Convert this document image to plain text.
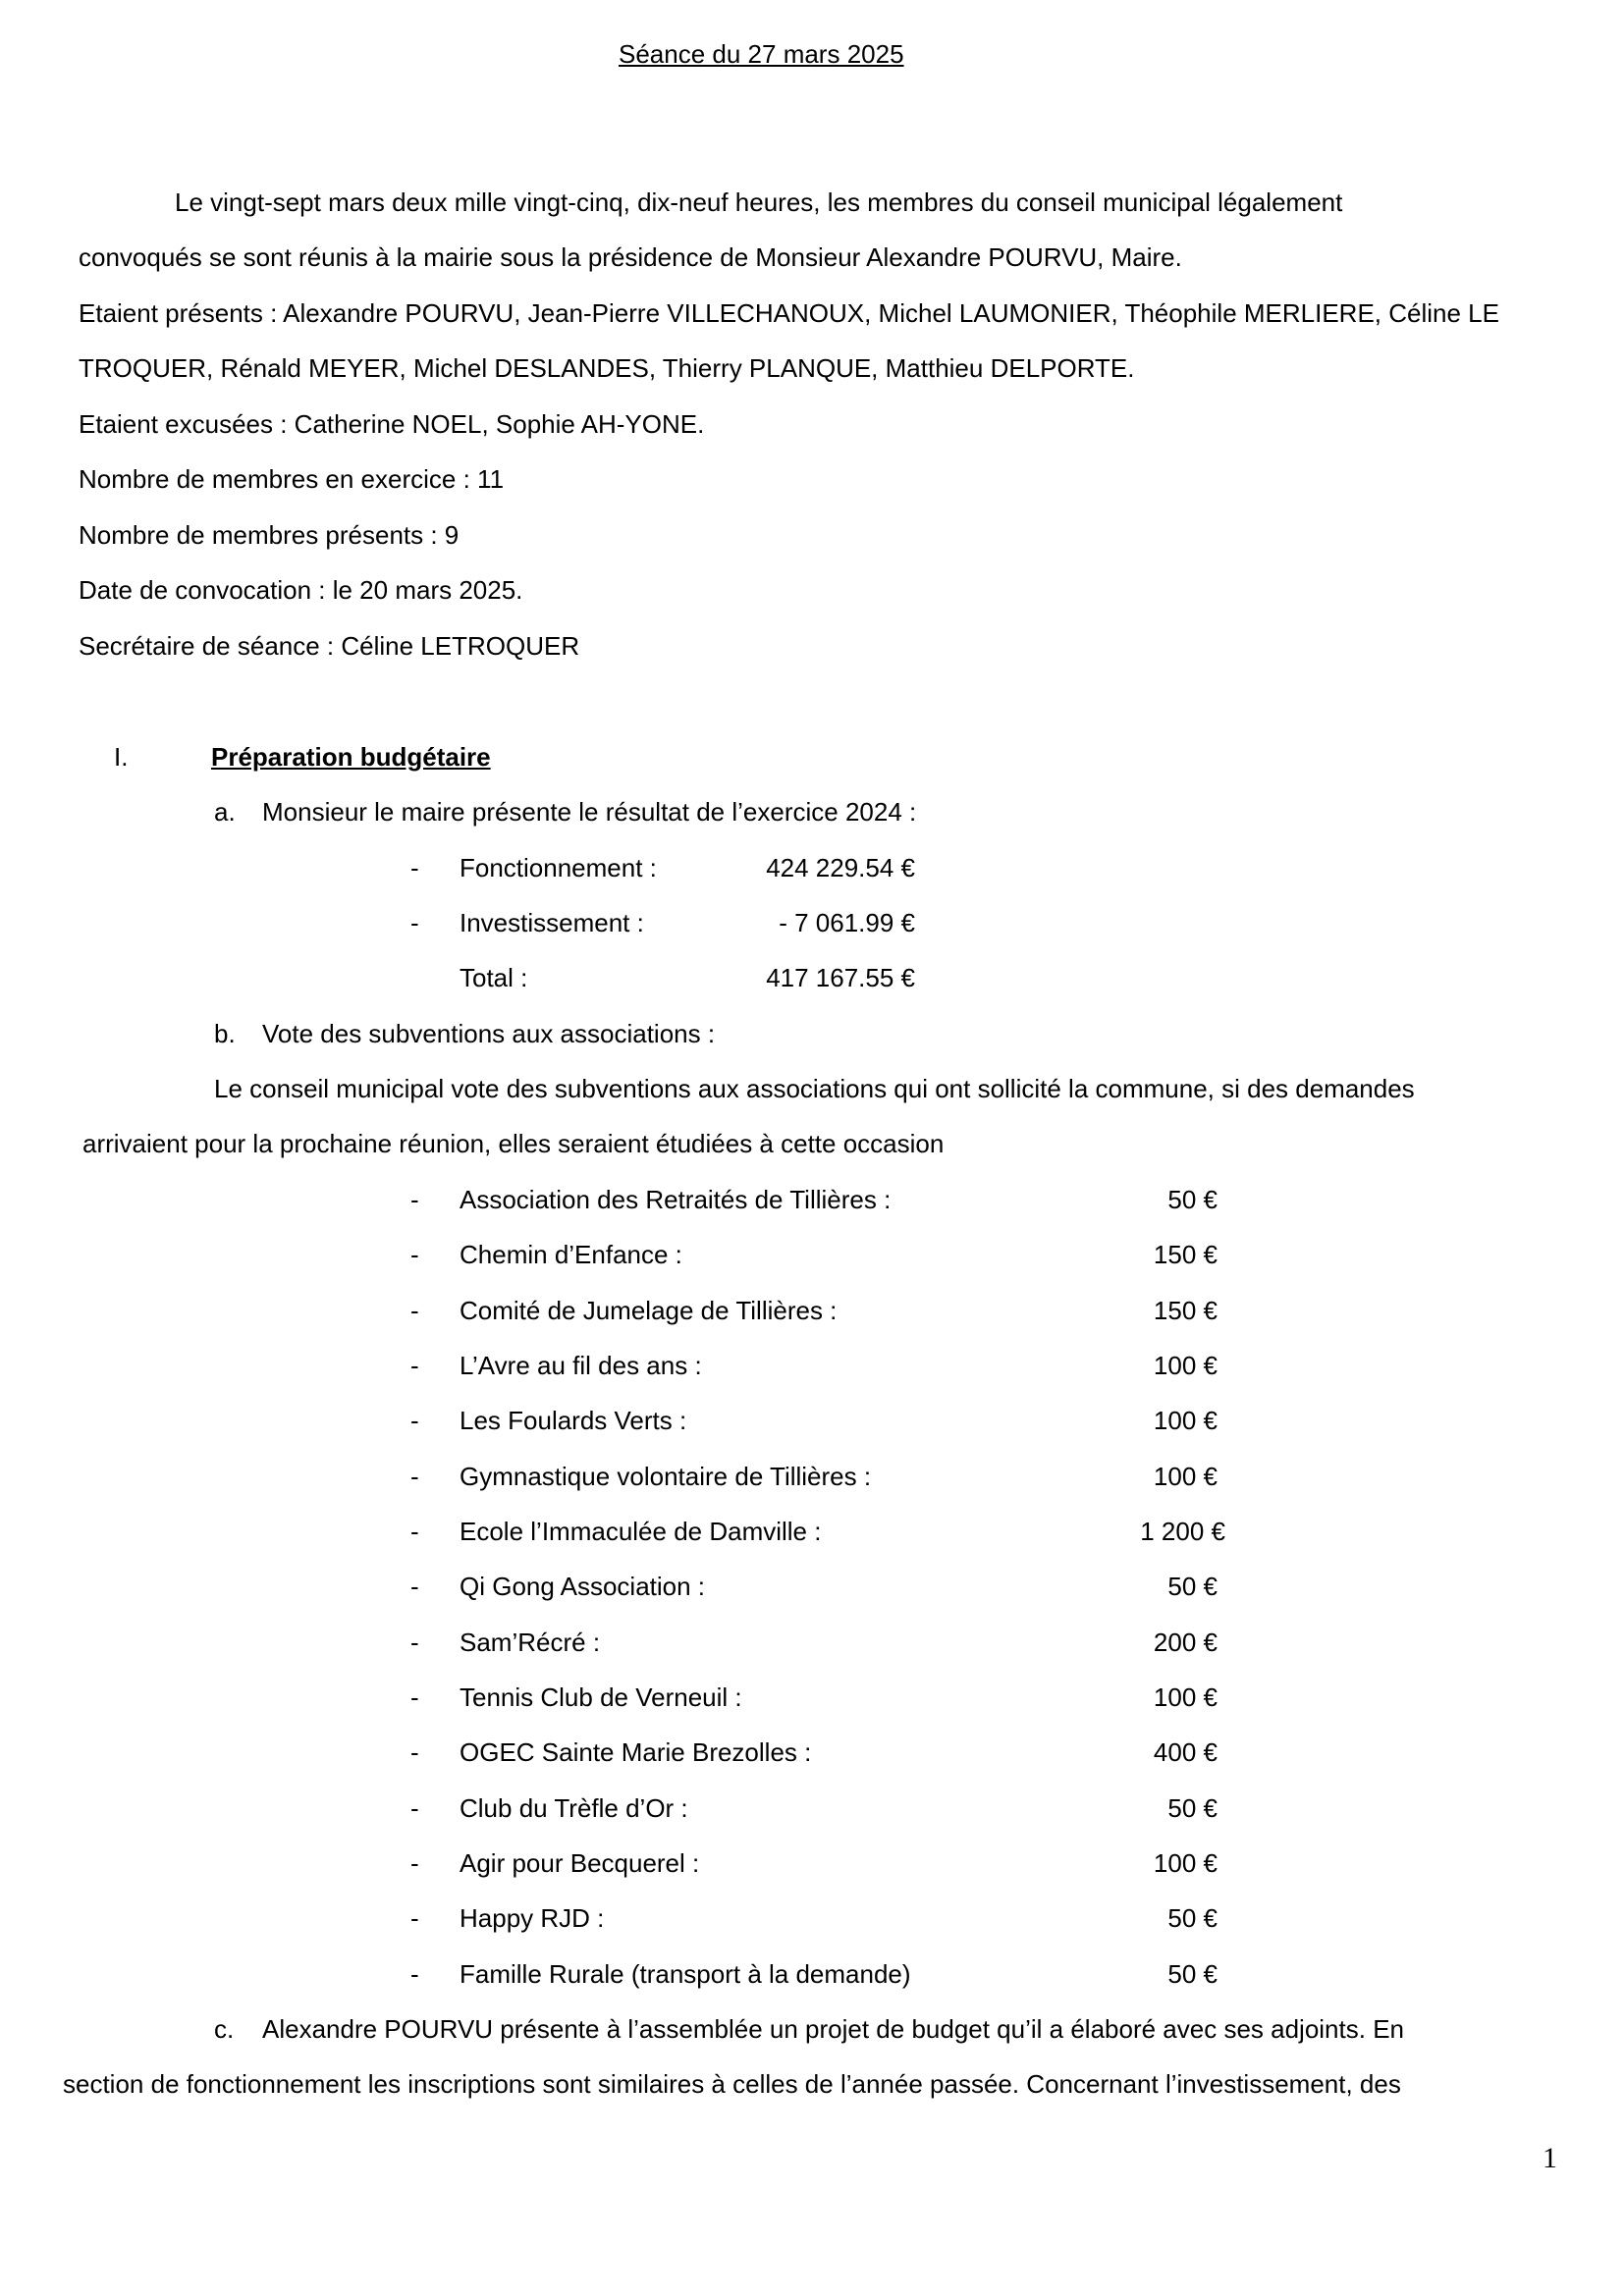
Séance du 27 mars 2025
Le vingt-sept mars deux mille vingt-cinq, dix-neuf heures, les membres du conseil municipal légalement
convoqués se sont réunis à la mairie sous la présidence de Monsieur Alexandre POURVU, Maire.
Etaient présents : Alexandre POURVU, Jean-Pierre VILLECHANOUX, Michel LAUMONIER, Théophile MERLIERE, Céline LE
TROQUER, Rénald MEYER, Michel DESLANDES, Thierry PLANQUE, Matthieu DELPORTE.
Etaient excusées : Catherine NOEL, Sophie AH-YONE.
Nombre de membres en exercice : 11
Nombre de membres présents : 9
Date de convocation : le 20 mars 2025.
Secrétaire de séance : Céline LETROQUER
I.	Préparation budgétaire
a. Monsieur le maire présente le résultat de l’exercice 2024 :
- Fonctionnement :	424 229.54 €
- Investissement :	- 7 061.99 €
Total :	417 167.55 €
b. Vote des subventions aux associations :
Le conseil municipal vote des subventions aux associations qui ont sollicité la commune, si des demandes
arrivaient pour la prochaine réunion, elles seraient étudiées à cette occasion
- Association des Retraités de Tillières :	50 €
- Chemin d’Enfance :	150 €
- Comité de Jumelage de Tillières :	150 €
- L’Avre au fil des ans :	100 €
- Les Foulards Verts :	100 €
- Gymnastique volontaire de Tillières :	100 €
- Ecole l’Immaculée de Damville :	1 200 €
- Qi Gong Association :	50 €
- Sam’Récré :	200 €
- Tennis Club de Verneuil :	100 €
- OGEC Sainte Marie Brezolles :	400 €
- Club du Trèfle d’Or :	50 €
- Agir pour Becquerel :	100 €
- Happy RJD :	50 €
- Famille Rurale (transport à la demande)	50 €
c. Alexandre POURVU présente à l’assemblée un projet de budget qu’il a élaboré avec ses adjoints. En
section de fonctionnement les inscriptions sont similaires à celles de l’année passée. Concernant l’investissement, des
1
